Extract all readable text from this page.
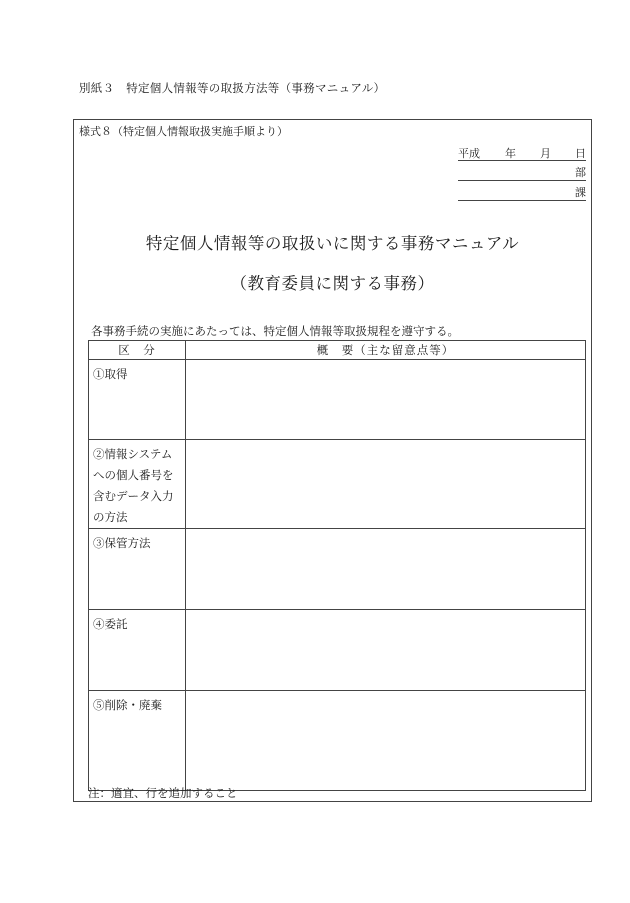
別紙３　特定個人情報等の取扱方法等（事務マニュアル）
様式８（特定個人情報取扱実施手順より）
平成 年 月 日
部
課
特定個人情報等の取扱いに関する事務マニュアル
（教育委員に関する事務）
各事務手続の実施にあたっては、特定個人情報等取扱規程を遵守する。
区　分	概　要（主な留意点等）
①取得	
②情報システムへの個人番号を含むデータ入力の方法	
③保管方法	
④委託	
⑤削除・廃棄	
注：適宜、行を追加すること
